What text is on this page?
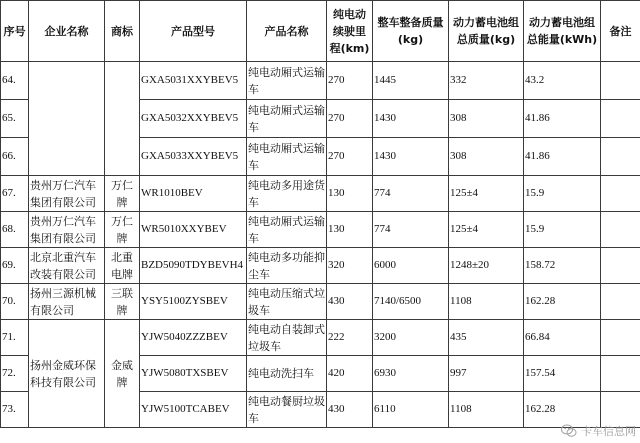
序号	企业名称	商标	产品型号	产品名称	纯电动续驶里程(km)	整车整备质量(kg)	动力蓄电池组总质量(kg)	动力蓄电池组总能量(kWh)	备注
64.			GXA5031XXYBEV5	纯电动厢式运输车	270	1445	332	43.2	
65.			GXA5032XXYBEV5	纯电动厢式运输车	270	1430	308	41.86	
66.			GXA5033XXYBEV5	纯电动厢式运输车	270	1430	308	41.86	
67.	贵州万仁汽车集团有限公司	万仁牌	WR1010BEV	纯电动多用途货车	130	774	125±4	15.9	
68.	贵州万仁汽车集团有限公司	万仁牌	WR5010XXYBEV	纯电动厢式运输车	130	774	125±4	15.9	
69.	北京北重汽车改装有限公司	北重电牌	BZD5090TDYBEVH4	纯电动多功能抑尘车	320	6000	1248±20	158.72	
70.	扬州三源机械有限公司	三联牌	YSY5100ZYSBEV	纯电动压缩式垃圾车	430	7140/6500	1108	162.28	
71.	扬州金威环保科技有限公司	金威牌	YJW5040ZZZBEV	纯电动自装卸式垃圾车	222	3200	435	66.84	
72.			YJW5080TXSBEV	纯电动洗扫车	420	6930	997	157.54	
73.			YJW5100TCABEV	纯电动餐厨垃圾车	430	6110	1108	162.28	
卡车信息网
